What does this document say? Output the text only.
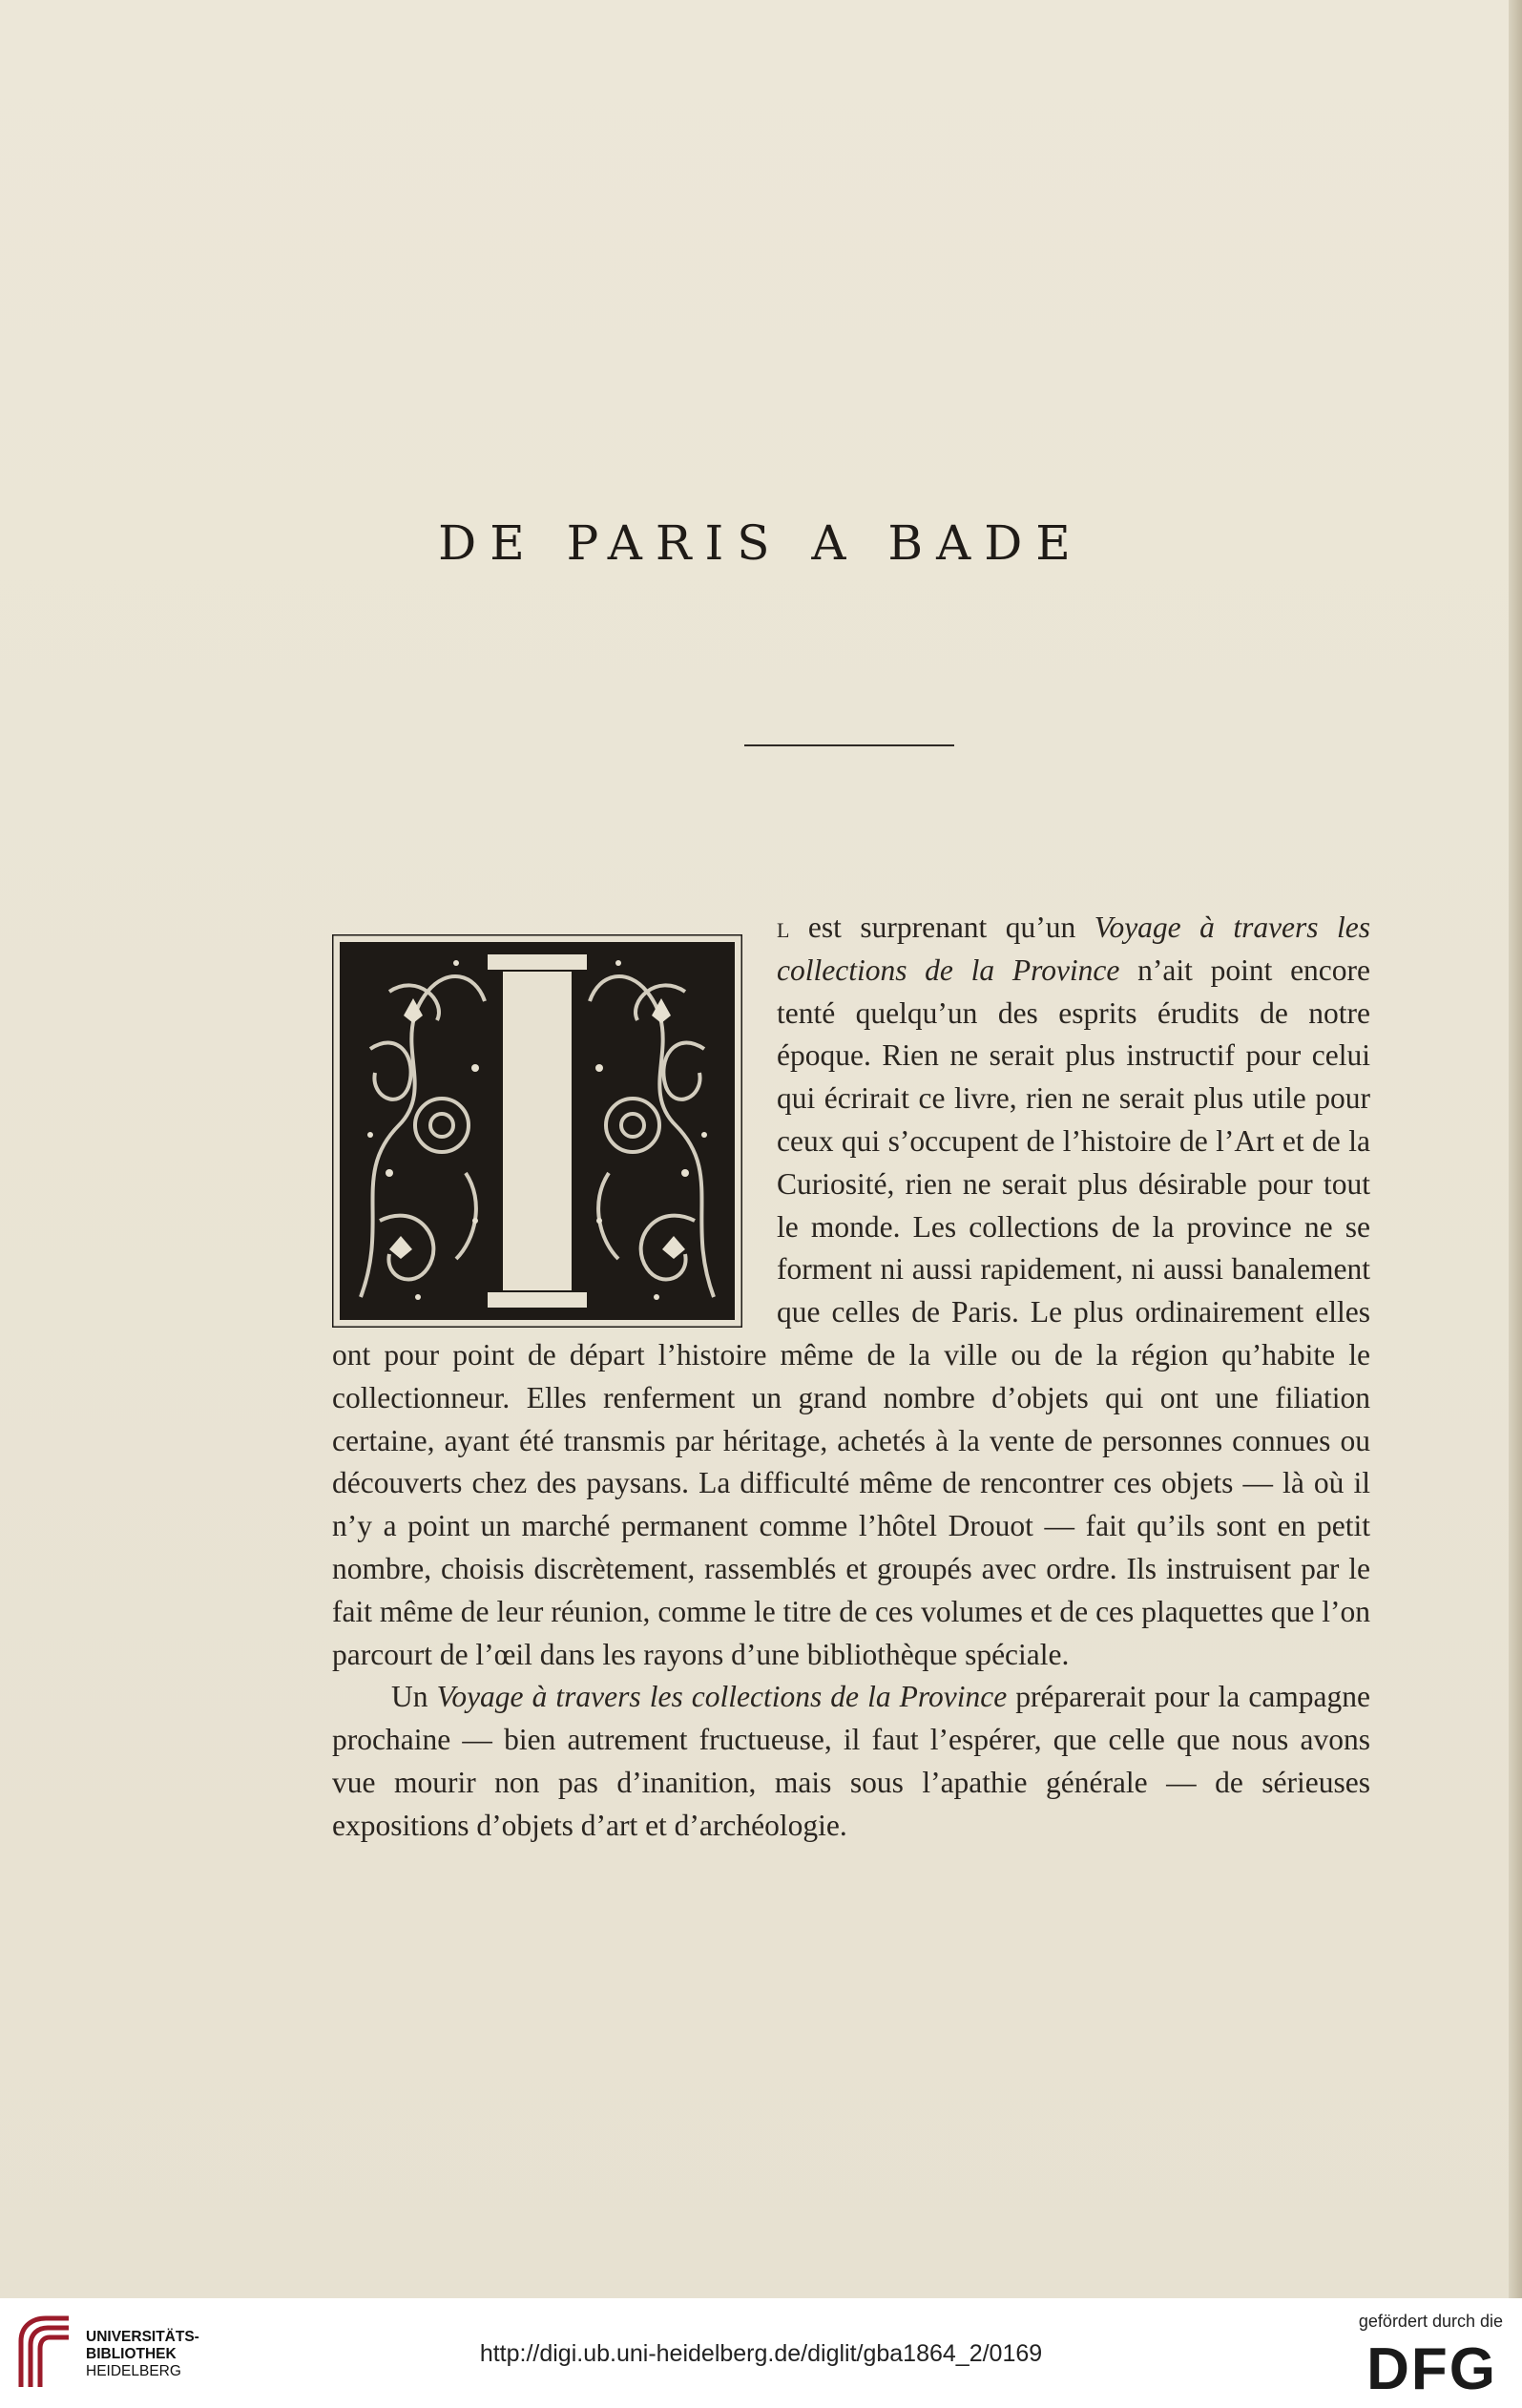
DE PARIS A BADE

l est surprenant qu’un Voyage à travers les collections de la Province n’ait point encore tenté quelqu’un des esprits érudits de notre époque. Rien ne serait plus instructif pour celui qui écrirait ce livre, rien ne serait plus utile pour ceux qui s’occupent de l’histoire de l’Art et de la Curiosité, rien ne serait plus désirable pour tout le monde. Les collections de la province ne se forment ni aussi rapidement, ni aussi banalement que celles de Paris. Le plus ordinairement elles ont pour point de départ l’histoire même de la ville ou de la région qu’habite le collectionneur. Elles renferment un grand nombre d’objets qui ont une filiation certaine, ayant été transmis par héritage, achetés à la vente de personnes connues ou découverts chez des paysans. La difficulté même de rencontrer ces objets — là où il n’y a point un marché permanent comme l’hôtel Drouot — fait qu’ils sont en petit nombre, choisis discrètement, rassemblés et groupés avec ordre. Ils instruisent par le fait même de leur réunion, comme le titre de ces volumes et de ces plaquettes que l’on parcourt de l’œil dans les rayons d’une bibliothèque spéciale.

Un Voyage à travers les collections de la Province préparerait pour la campagne prochaine — bien autrement fructueuse, il faut l’espérer, que celle que nous avons vue mourir non pas d’inanition, mais sous l’apathie générale — de sérieuses expositions d’objets d’art et d’archéologie.

UNIVERSITÄTS-
BIBLIOTHEK
HEIDELBERG
http://digi.ub.uni-heidelberg.de/diglit/gba1864_2/0169
gefördert durch die
DFG
